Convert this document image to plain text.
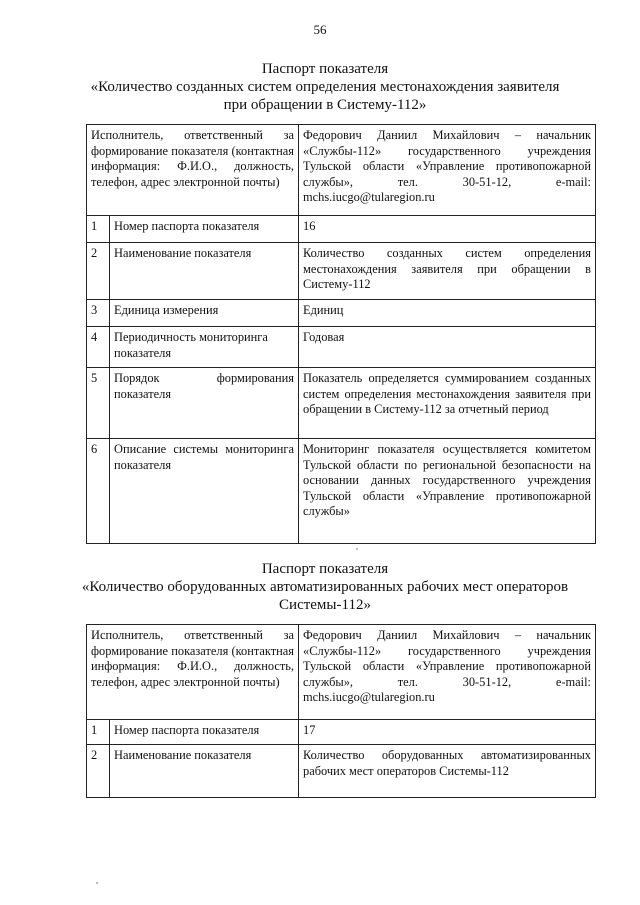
56
Паспорт показателя
«Количество созданных систем определения местонахождения заявителя
при обращении в Систему-112»
Исполнитель, ответственный за формирование показателя (контактная информация: Ф.И.О., должность, телефон, адрес электронной почты)		Федорович Даниил Михайлович – начальник «Службы-112» государственного учреждения Тульской области «Управление противопожарной службы», тел. 30-51-12, e-mail: mchs.iucgo@tularegion.ru
1	Номер паспорта показателя	16
2	Наименование показателя	Количество созданных систем определения местонахождения заявителя при обращении в Систему-112
3	Единица измерения	Единиц
4	Периодичность мониторинга показателя	Годовая
5	Порядок формирования показателя	Показатель определяется суммированием созданных систем определения местонахождения заявителя при обращении в Систему-112 за отчетный период
6	Описание системы мониторинга показателя	Мониторинг показателя осуществляется комитетом Тульской области по региональной безопасности на основании данных государственного учреждения Тульской области «Управление противопожарной службы»
Паспорт показателя
«Количество оборудованных автоматизированных рабочих мест операторов
Системы-112»
Исполнитель, ответственный за формирование показателя (контактная информация: Ф.И.О., должность, телефон, адрес электронной почты)		Федорович Даниил Михайлович – начальник «Службы-112» государственного учреждения Тульской области «Управление противопожарной службы», тел. 30-51-12, e-mail: mchs.iucgo@tularegion.ru
1	Номер паспорта показателя	17
2	Наименование показателя	Количество оборудованных автоматизированных рабочих мест операторов Системы-112
